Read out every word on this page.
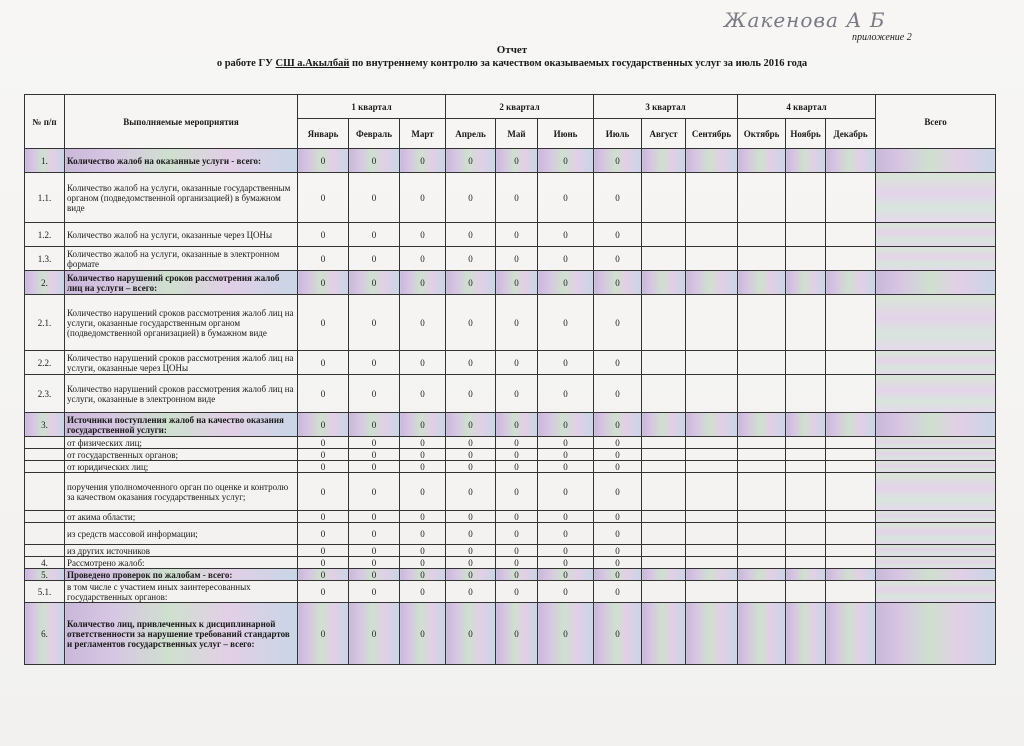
Жакенова А Б
приложение 2
Отчет
о работе ГУ СШ а.Акылбай по внутреннему контролю за качеством оказываемых государственных услуг за июль 2016 года
№ п/п	Выполняемые мероприятия	1 квартал			2 квартал			3 квартал			4 квартал			Всего
		Январь	Февраль	Март	Апрель	Май	Июнь	Июль	Август	Сентябрь	Октябрь	Ноябрь	Декабрь	
1.	Количество жалоб на оказанные услуги - всего:	0	0	0	0	0	0	0						
1.1.	Количество жалоб на услуги, оказанные государственным органом (подведомственной организацией) в бумажном виде	0	0	0	0	0	0	0						
1.2.	Количество жалоб на услуги, оказанные через ЦОНы	0	0	0	0	0	0	0						
1.3.	Количество жалоб на услуги, оказанные в электронном формате	0	0	0	0	0	0	0						
2.	Количество нарушений сроков рассмотрения жалоб лиц на услуги – всего:	0	0	0	0	0	0	0						
2.1.	Количество нарушений сроков рассмотрения жалоб лиц на услуги, оказанные государственным органом (подведомственной организацией) в бумажном виде	0	0	0	0	0	0	0						
2.2.	Количество нарушений сроков рассмотрения жалоб лиц на услуги, оказанные через ЦОНы	0	0	0	0	0	0	0						
2.3.	Количество нарушений сроков рассмотрения жалоб лиц на услуги, оказанные в электронном виде	0	0	0	0	0	0	0						
3.	Источники поступления жалоб на качество оказания государственной услуги:	0	0	0	0	0	0	0						
	от физических лиц;	0	0	0	0	0	0	0						
	от государственных органов;	0	0	0	0	0	0	0						
	от юридических лиц;	0	0	0	0	0	0	0						
	поручения уполномоченного орган по оценке и контролю за качеством оказания государственных услуг;	0	0	0	0	0	0	0						
	от акима области;	0	0	0	0	0	0	0						
	из средств массовой информации;	0	0	0	0	0	0	0						
	из других источников	0	0	0	0	0	0	0						
4.	Рассмотрено жалоб:	0	0	0	0	0	0	0						
5.	Проведено проверок по жалобам - всего:	0	0	0	0	0	0	0						
5.1.	в том числе с участием иных заинтересованных государственных органов:	0	0	0	0	0	0	0						
6.	Количество лиц, привлеченных к дисциплинарной ответственности за нарушение требований стандартов и регламентов государственных услуг – всего:	0	0	0	0	0	0	0						
